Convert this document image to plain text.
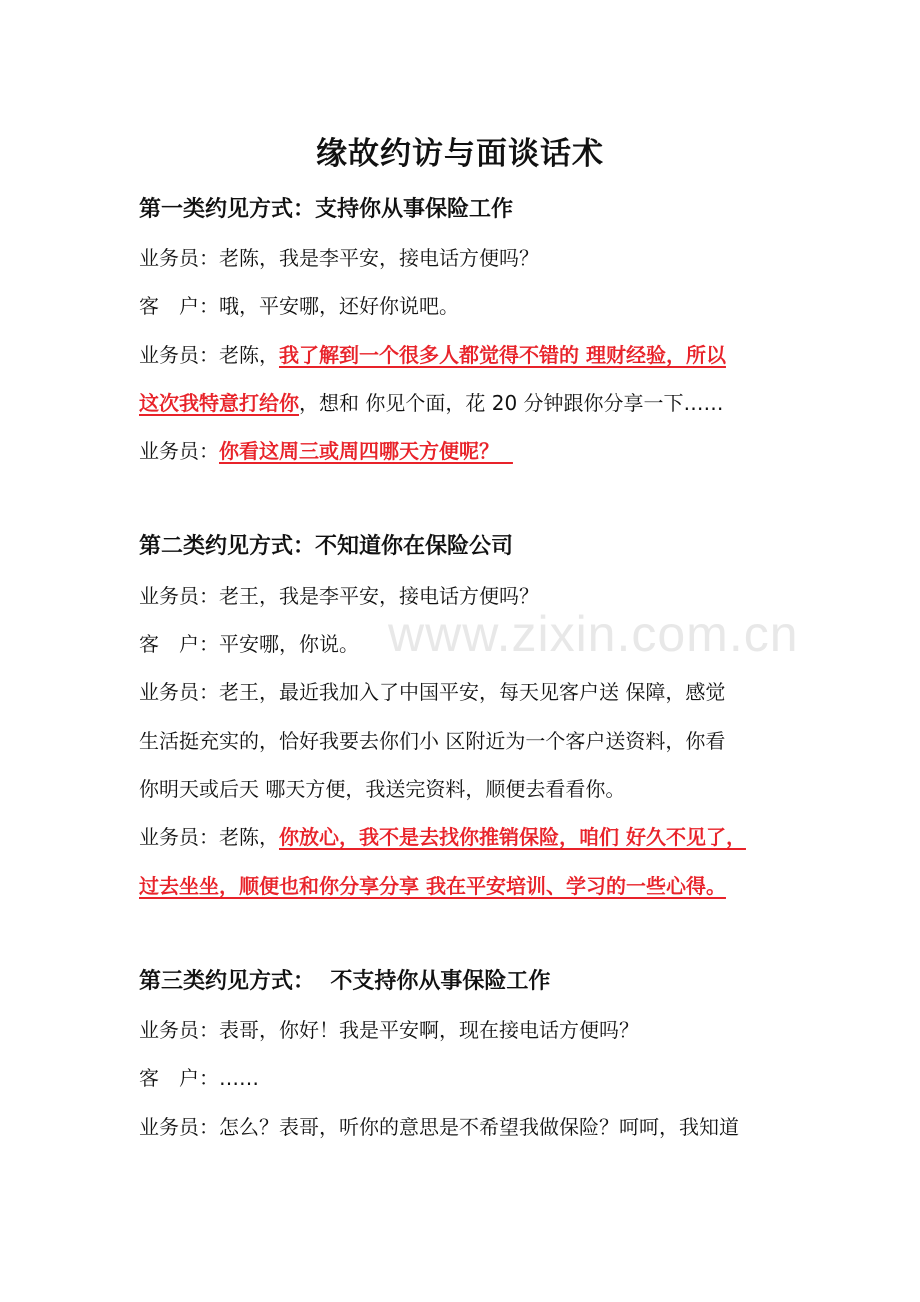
缘故约访与面谈话术
第一类约见方式：支持你从事保险工作
业务员：老陈，我是李平安，接电话方便吗？
客　户：哦，平安哪，还好你说吧。
业务员：老陈，我了解到一个很多人都觉得不错的 理财经验，所以
这次我特意打给你，想和 你见个面，花 20 分钟跟你分享一下……
业务员：你看这周三或周四哪天方便呢？
第二类约见方式：不知道你在保险公司
业务员：老王，我是李平安，接电话方便吗？
客　户：平安哪，你说。
业务员：老王，最近我加入了中国平安，每天见客户送 保障，感觉
生活挺充实的，恰好我要去你们小 区附近为一个客户送资料，你看
你明天或后天 哪天方便，我送完资料，顺便去看看你。
业务员：老陈，你放心，我不是去找你推销保险，咱们 好久不见了，
过去坐坐，顺便也和你分享分享 我在平安培训、学习的一些心得。
第三类约见方式：  不支持你从事保险工作
业务员：表哥，你好！我是平安啊，现在接电话方便吗？
客　户：……
业务员：怎么？表哥，听你的意思是不希望我做保险？呵呵，我知道
www.zixin.com.cn
